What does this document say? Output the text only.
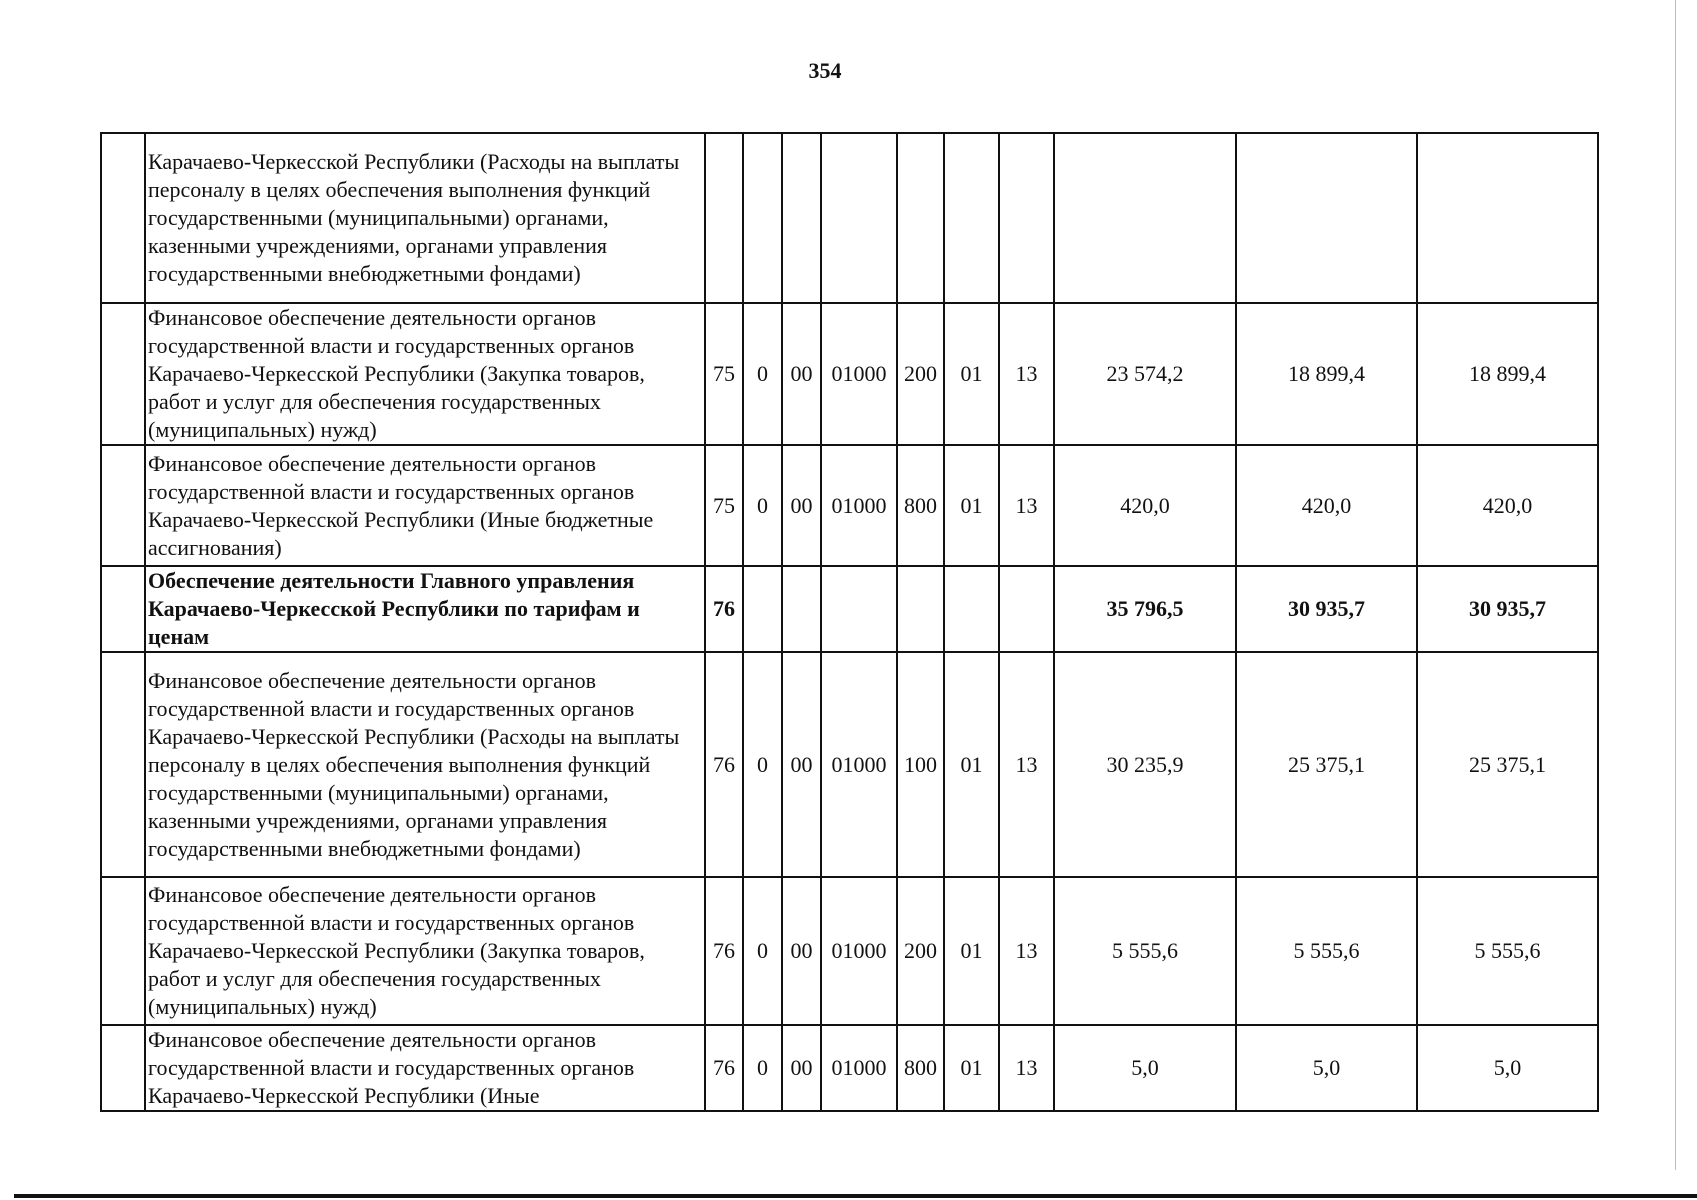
354
	Карачаево-Черкесской Республики (Расходы на выплаты персоналу в целях обеспечения выполнения функций государственными (муниципальными) органами, казенными учреждениями, органами управления государственными внебюджетными фондами)										
	Финансовое обеспечение деятельности органов государственной власти и государственных органов Карачаево-Черкесской Республики (Закупка товаров, работ и услуг для обеспечения государственных (муниципальных) нужд)	75	0	00	01000	200	01	13	23 574,2	18 899,4	18 899,4
	Финансовое обеспечение деятельности органов государственной власти и государственных органов Карачаево-Черкесской Республики (Иные бюджетные ассигнования)	75	0	00	01000	800	01	13	420,0	420,0	420,0
	Обеспечение деятельности Главного управления Карачаево-Черкесской Республики по тарифам и ценам	76							35 796,5	30 935,7	30 935,7
	Финансовое обеспечение деятельности органов государственной власти и государственных органов Карачаево-Черкесской Республики (Расходы на выплаты персоналу в целях обеспечения выполнения функций государственными (муниципальными) органами, казенными учреждениями, органами управления государственными внебюджетными фондами)	76	0	00	01000	100	01	13	30 235,9	25 375,1	25 375,1
	Финансовое обеспечение деятельности органов государственной власти и государственных органов Карачаево-Черкесской Республики (Закупка товаров, работ и услуг для обеспечения государственных (муниципальных) нужд)	76	0	00	01000	200	01	13	5 555,6	5 555,6	5 555,6
	Финансовое обеспечение деятельности органов государственной власти и государственных органов Карачаево-Черкесской Республики (Иные	76	0	00	01000	800	01	13	5,0	5,0	5,0
